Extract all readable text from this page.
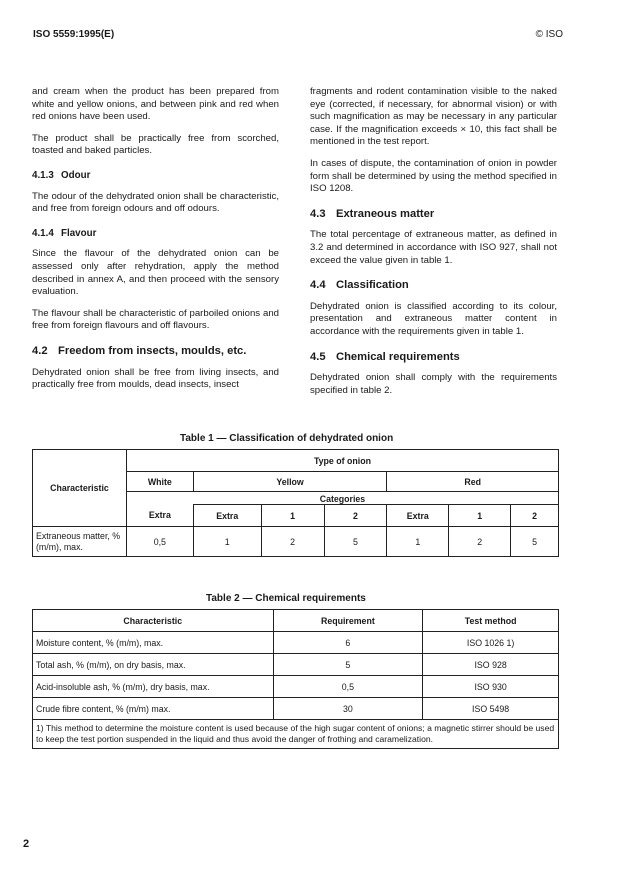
ISO 5559:1995(E)	© ISO

and cream when the product has been prepared from white and yellow onions, and between pink and red when red onions have been used.

The product shall be practically free from scorched, toasted and baked particles.

4.1.3 Odour

The odour of the dehydrated onion shall be characteristic, and free from foreign odours and off odours.

4.1.4 Flavour

Since the flavour of the dehydrated onion can be assessed only after rehydration, apply the method described in annex A, and then proceed with the sensory evaluation.

The flavour shall be characteristic of parboiled onions and free from foreign flavours and off flavours.

4.2 Freedom from insects, moulds, etc.

Dehydrated onion shall be free from living insects, and practically free from moulds, dead insects, insect

fragments and rodent contamination visible to the naked eye (corrected, if necessary, for abnormal vision) or with such magnification as may be necessary in any particular case. If the magnification exceeds × 10, this fact shall be mentioned in the test report.

In cases of dispute, the contamination of onion in powder form shall be determined by using the method specified in ISO 1208.

4.3 Extraneous matter

The total percentage of extraneous matter, as defined in 3.2 and determined in accordance with ISO 927, shall not exceed the value given in table 1.

4.4 Classification

Dehydrated onion is classified according to its colour, presentation and extraneous matter content in accordance with the requirements given in table 1.

4.5 Chemical requirements

Dehydrated onion shall comply with the requirements specified in table 2.

Table 1 — Classification of dehydrated onion
Characteristic	Type of onion						
	White	Yellow			Red		
	Categories						
	Extra	Extra	1	2	Extra	1	2
Extraneous matter, % (m/m), max.	0,5	1	2	5	1	2	5
Table 2 — Chemical requirements
Characteristic	Requirement	Test method
Moisture content, % (m/m), max.	6	ISO 1026 1)
Total ash, % (m/m), on dry basis, max.	5	ISO 928
Acid-insoluble ash, % (m/m), dry basis, max.	0,5	ISO 930
Crude fibre content, % (m/m) max.	30	ISO 5498
1) This method to determine the moisture content is used because of the high sugar content of onions; a magnetic stirrer should be used to keep the test portion suspended in the liquid and thus avoid the danger of frothing and caramelization.		
2
